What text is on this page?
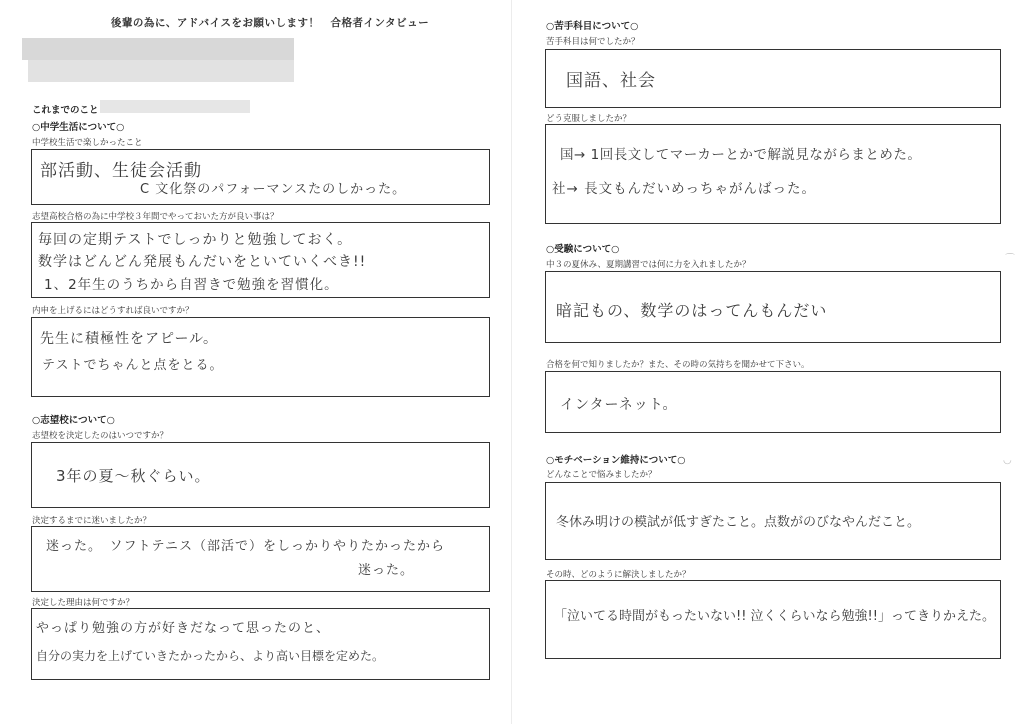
後輩の為に、アドバイスをお願いします！　合格者インタビュー
これまでのこと
○中学生活について○
中学校生活で楽しかったこと
部活動、生徒会活動
C 文化祭のパフォーマンスたのしかった。
志望高校合格の為に中学校３年間でやっておいた方が良い事は？
毎回の定期テストでしっかりと勉強しておく。
数学はどんどん発展もんだいをといていくべき!!
1、2年生のうちから自習きで勉強を習慣化。
内申を上げるにはどうすれば良いですか？
先生に積極性をアピール。
テストでちゃんと点をとる。
○志望校について○
志望校を決定したのはいつですか？
3年の夏〜秋ぐらい。
決定するまでに迷いましたか？
迷った。　ソフトテニス（部活で）をしっかりやりたかったから
迷った。
決定した理由は何ですか？
やっぱり勉強の方が好きだなって思ったのと、
自分の実力を上げていきたかったから、より高い目標を定めた。
○苦手科目について○
苦手科目は何でしたか？
国語、社会
どう克服しましたか？
国→ 1回長文してマーカーとかで解説見ながらまとめた。
社→ 長文もんだいめっちゃがんばった。
○受験について○
中３の夏休み、夏期講習では何に力を入れましたか？
暗記もの、数学のはってんもんだい
合格を何で知りましたか？また、その時の気持ちを聞かせて下さい。
インターネット。
○モチベーション維持について○
どんなことで悩みましたか？
冬休み明けの模試が低すぎたこと。点数がのびなやんだこと。
その時、どのように解決しましたか？
「泣いてる時間がもったいない!! 泣くくらいなら勉強!!」ってきりかえた。
⌒
◡
